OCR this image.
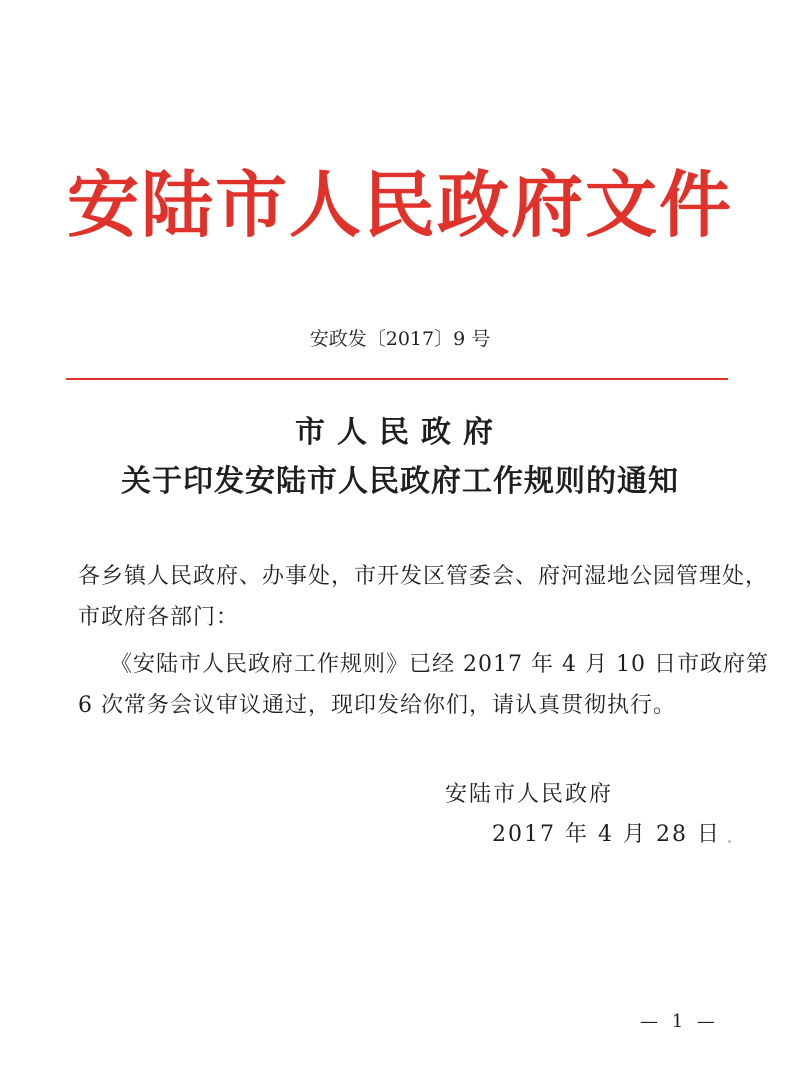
安陆市人民政府文件
安政发〔2017〕9 号
市人民政府
关于印发安陆市人民政府工作规则的通知
各乡镇人民政府、办事处，市开发区管委会、府河湿地公园管理处，
市政府各部门：
《安陆市人民政府工作规则》已经 2017 年 4 月 10 日市政府第
6 次常务会议审议通过，现印发给你们，请认真贯彻执行。
安陆市人民政府
2017 年 4 月 28 日
— 1 —
